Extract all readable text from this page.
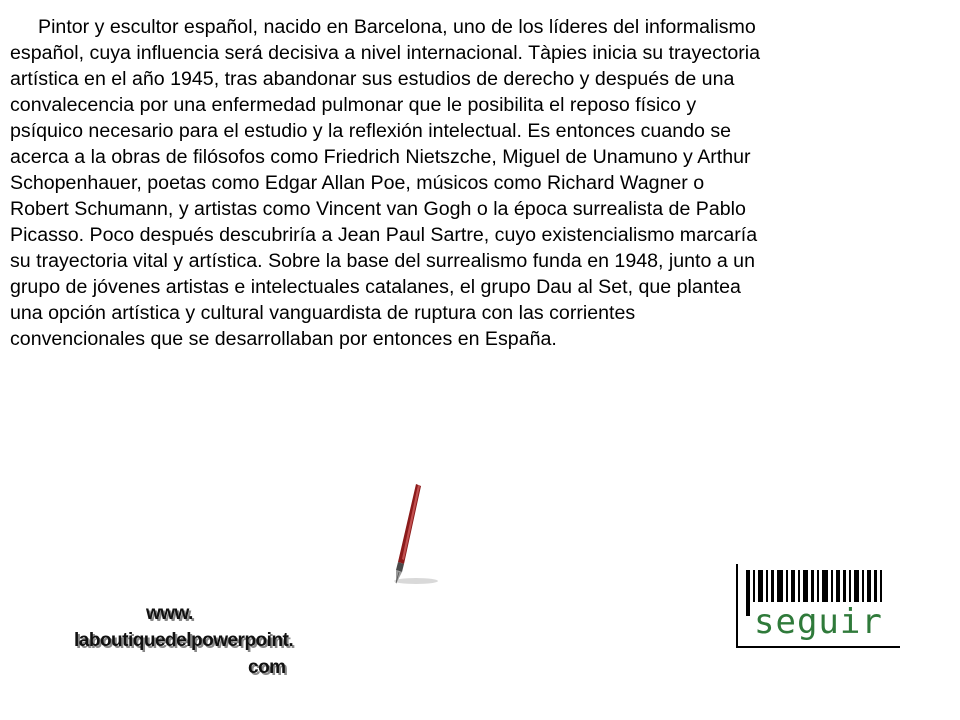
Pintor y escultor español, nacido en Barcelona, uno de los líderes del informalismo
español, cuya influencia será decisiva a nivel internacional. Tàpies inicia su trayectoria
artística en el año 1945, tras abandonar sus estudios de derecho y después de una
convalecencia por una enfermedad pulmonar que le posibilita el reposo físico y
psíquico necesario para el estudio y la reflexión intelectual. Es entonces cuando se
acerca a la obras de filósofos como Friedrich Nietszche, Miguel de Unamuno y Arthur
Schopenhauer, poetas como Edgar Allan Poe, músicos como Richard Wagner o
Robert Schumann, y artistas como Vincent van Gogh o la época surrealista de Pablo
Picasso. Poco después descubriría a Jean Paul Sartre, cuyo existencialismo marcaría
su trayectoria vital y artística. Sobre la base del surrealismo funda en 1948, junto a un
grupo de jóvenes artistas e intelectuales catalanes, el grupo Dau al Set, que plantea
una opción artística y cultural vanguardista de ruptura con las corrientes
convencionales que se desarrollaban por entonces en España.

www.
laboutiquedelpowerpoint.
com
seguir
